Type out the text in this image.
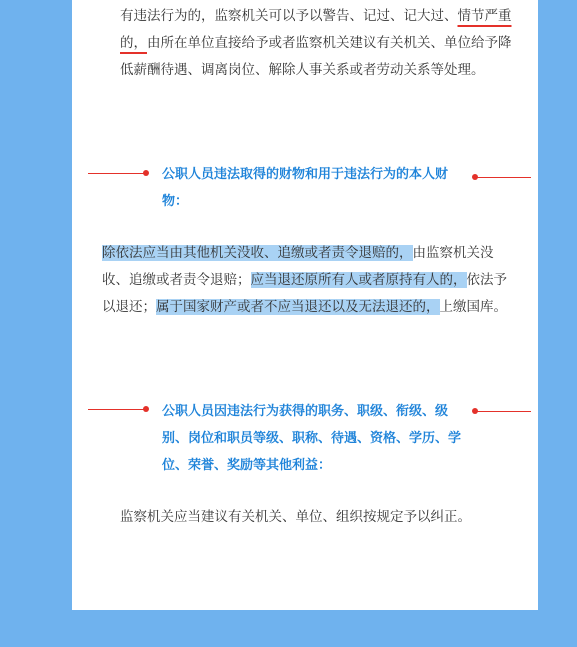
有违法行为的，监察机关可以予以警告、记过、记大过、情节严重的，由所在单位直接给予或者监察机关建议有关机关、单位给予降低薪酬待遇、调离岗位、解除人事关系或者劳动关系等处理。

公职人员违法取得的财物和用于违法行为的本人财物：

除依法应当由其他机关没收、追缴或者责令退赔的，由监察机关没收、追缴或者责令退赔；应当退还原所有人或者原持有人的，依法予以退还；属于国家财产或者不应当退还以及无法退还的，上缴国库。

公职人员因违法行为获得的职务、职级、衔级、级别、岗位和职员等级、职称、待遇、资格、学历、学位、荣誉、奖励等其他利益：

监察机关应当建议有关机关、单位、组织按规定予以纠正。
